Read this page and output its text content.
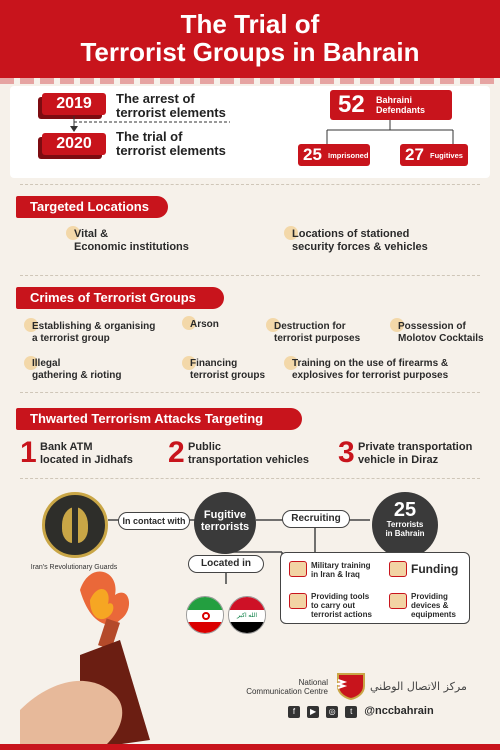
The Trial of
Terrorist Groups in Bahrain
2019	The arrest of
terrorist elements
2020	The trial of
terrorist elements
52 Bahraini
Defendants
25 Imprisoned 27 Fugitives
Targeted Locations
Vital &
Economic institutions
Locations of stationed
security forces & vehicles
Crimes of Terrorist Groups
Establishing & organising
a terrorist group
Arson	Destruction for
terrorist purposes
Possession of
Molotov Cocktails
Illegal
gathering & rioting
Financing
terrorist groups
Training on the use of firearms &
explosives for terrorist purposes
Thwarted Terrorism Attacks Targeting
1 Bank ATM
located in Jidhafs 2 Public
transportation vehicles 3 Private transportation
vehicle in Diraz
Iran's Revolutionary Guards
In contact with	Fugitive
terrorists
Recruiting	25
Terrorists
in Bahrain
Located in
الله اكبر
Military training
in Iran & Iraq	Funding
Providing tools
to carry out
terrorist actions
Providing
devices &
equipments
National
Communication Centre	مركز الاتصال الوطني
f ▶ ◎ t @nccbahrain
